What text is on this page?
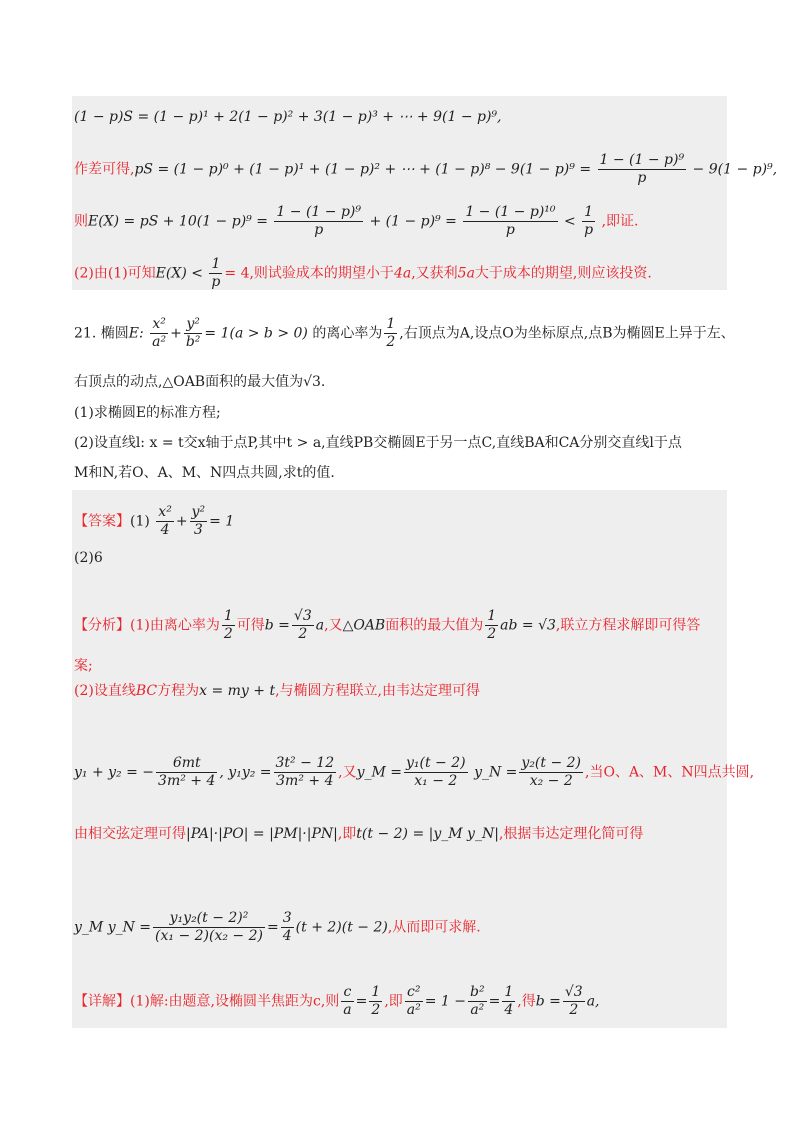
(1 − p)S = (1 − p)¹ + 2(1 − p)² + 3(1 − p)³ + ⋯ + 9(1 − p)⁹,
作差可得,pS = (1 − p)⁰ + (1 − p)¹ + (1 − p)² + ⋯ + $(1 - p)^8 - 9(1 - p)^9 = \frac{\text{1 − (1 − p)⁹}}{p} - 9(1 - p)^9$,
则E(X) = pS + $10(1 - p)^9 = \frac{\text{1 − (1 − p)⁹}}{p} + (1 - p)^9 = \frac{\text{1 − (1 − p)¹⁰}}{p} < \frac{1}{p}$ ,即证.
(2)由(1)可知$E(X) < \frac{1}{p} = 4$,则试验成本的期望小于4a,又获利5a大于成本的期望,则应该投资.
21. 椭圆E: $\frac{\text{x²}}{\text{a²}} + \frac{\text{y²}}{\text{b²}} = 1(a > b > 0)$ 的离心率为 $\frac{1}{2}$ ,右顶点为A,设点O为坐标原点,点B为椭圆E上异于左、
右顶点的动点,△OAB面积的最大值为√3.
(1)求椭圆E的标准方程;
(2)设直线l: x = t交x轴于点P,其中t > a,直线PB交椭圆E于另一点C,直线BA和CA分别交直线l于点
M和N,若O、A、M、N四点共圆,求t的值.
【答案】$(1) \frac{\text{x²}}{4} + \frac{\text{y²}}{3} = 1$
(2)6
【分析】(1)由离心率为 $\frac{1}{2}$ 可得$b = \frac{√3}{2} a$,又△OAB面积的最大值为 $\frac{1}{2}$ ab = √3,联立方程求解即可得答
案;
(2)设直线BC方程为x = my + t,与椭圆方程联立,由韦达定理可得
y₁ + y₂ = − $\frac{6mt}{\text{3m² + 4}}$ , $y_1y_2 = \frac{\text{3t² − 12}}{\text{3m² + 4}}$ ,又y_M = $\frac{\text{y₁(t − 2)}}{\text{x₁ − 2}}$ y_N = $\frac{\text{y₂(t − 2)}}{\text{x₂ − 2}}$ ,当O、A、M、N四点共圆,
由相交弦定理可得|PA|·|PO| = |PM|·|PN|,即t(t − 2) = |y_M y_N|,根据韦达定理化简可得
y_M y_N = $\frac{\text{y₁y₂(t − 2)²}}{\text{(x₁ − 2)(x₂ − 2)}} = \frac{3}{4} (t + 2)(t - 2)$,从而即可求解.
【详解】(1)解:由题意,设椭圆半焦距为c,则 $\frac{c}{a} = \frac{1}{2}$ ,即 $\frac{\text{c²}}{\text{a²}} = 1 - \frac{\text{b²}}{\text{a²}} = \frac{1}{4}$ ,得$b = \frac{√3}{2} a$,
